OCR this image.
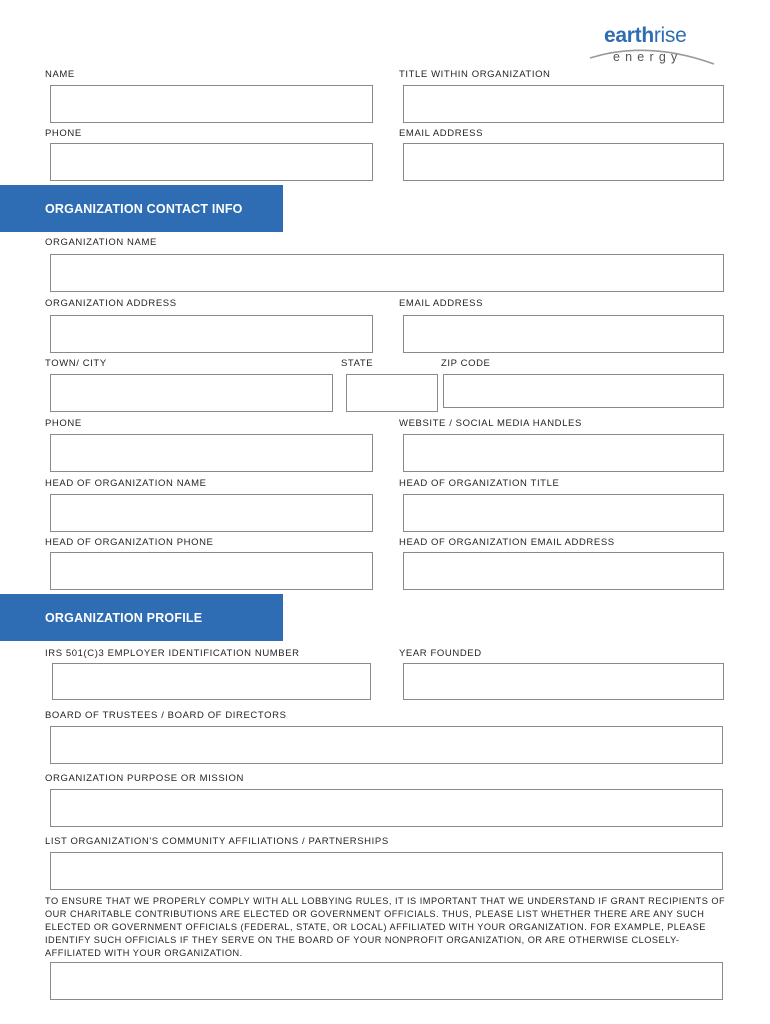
earthrise
energy
NAME	TITLE WITHIN ORGANIZATION
PHONE	EMAIL ADDRESS
ORGANIZATION CONTACT INFO
ORGANIZATION NAME
ORGANIZATION ADDRESS	EMAIL ADDRESS
TOWN/ CITY	STATE	ZIP CODE
PHONE	WEBSITE / SOCIAL MEDIA HANDLES
HEAD OF ORGANIZATION NAME	HEAD OF ORGANIZATION TITLE
HEAD OF ORGANIZATION PHONE	HEAD OF ORGANIZATION EMAIL ADDRESS
ORGANIZATION PROFILE
IRS 501(C)3 EMPLOYER IDENTIFICATION NUMBER	YEAR FOUNDED
BOARD OF TRUSTEES / BOARD OF DIRECTORS
ORGANIZATION PURPOSE OR MISSION
LIST ORGANIZATION'S COMMUNITY AFFILIATIONS / PARTNERSHIPS
TO ENSURE THAT WE PROPERLY COMPLY WITH ALL LOBBYING RULES, IT IS IMPORTANT THAT WE UNDERSTAND IF GRANT RECIPIENTS OF OUR CHARITABLE CONTRIBUTIONS ARE ELECTED OR GOVERNMENT OFFICIALS. THUS, PLEASE LIST WHETHER THERE ARE ANY SUCH ELECTED OR GOVERNMENT OFFICIALS (FEDERAL, STATE, OR LOCAL) AFFILIATED WITH YOUR ORGANIZATION. FOR EXAMPLE, PLEASE IDENTIFY SUCH OFFICIALS IF THEY SERVE ON THE BOARD OF YOUR NONPROFIT ORGANIZATION, OR ARE OTHERWISE CLOSELY-AFFILIATED WITH YOUR ORGANIZATION.
